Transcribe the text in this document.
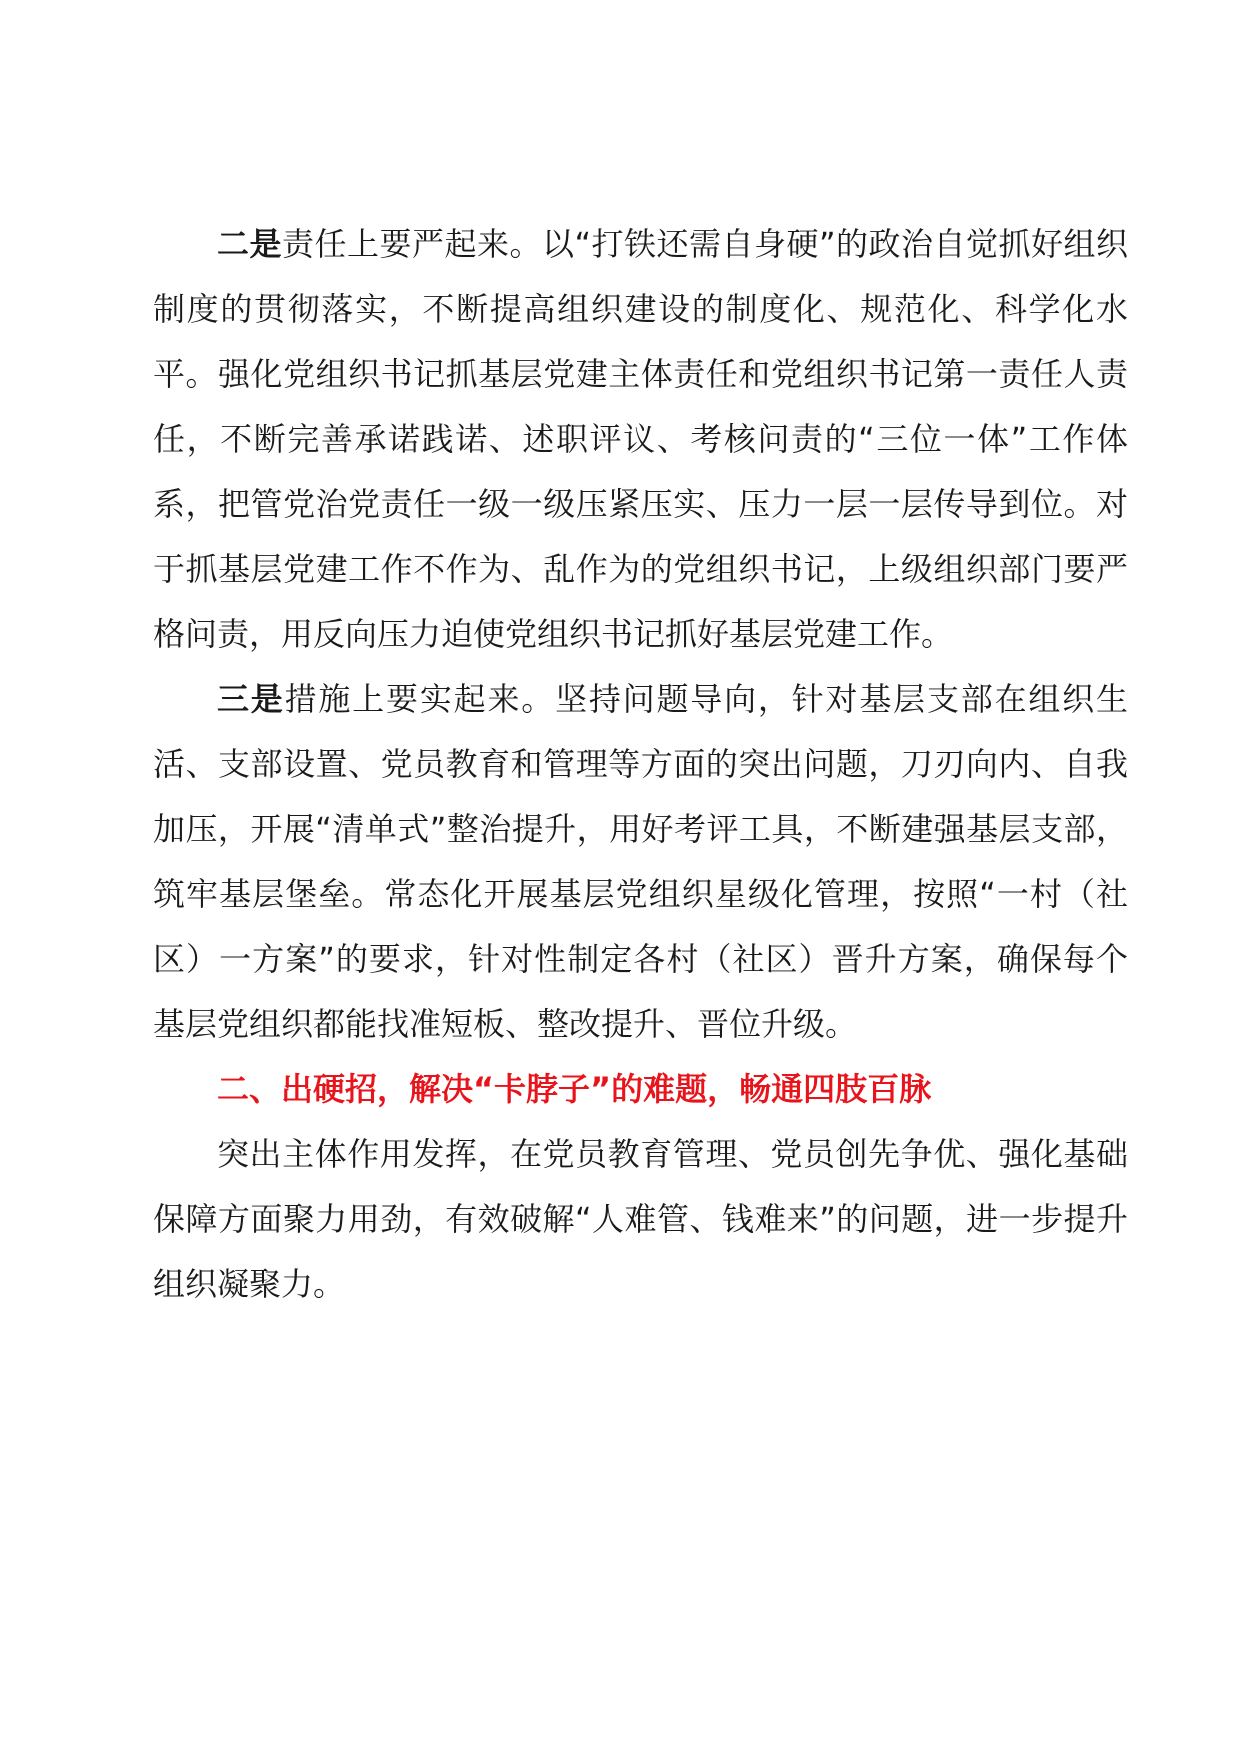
二是责任上要严起来。以“打铁还需自身硬”的政治自觉抓好组织制度的贯彻落实，不断提高组织建设的制度化、规范化、科学化水平。强化党组织书记抓基层党建主体责任和党组织书记第一责任人责任，不断完善承诺践诺、述职评议、考核问责的“三位一体”工作体系，把管党治党责任一级一级压紧压实、压力一层一层传导到位。对于抓基层党建工作不作为、乱作为的党组织书记，上级组织部门要严格问责，用反向压力迫使党组织书记抓好基层党建工作。

三是措施上要实起来。坚持问题导向，针对基层支部在组织生活、支部设置、党员教育和管理等方面的突出问题，刀刃向内、自我加压，开展“清单式”整治提升，用好考评工具，不断建强基层支部，筑牢基层堡垒。常态化开展基层党组织星级化管理，按照“一村（社区）一方案”的要求，针对性制定各村（社区）晋升方案，确保每个基层党组织都能找准短板、整改提升、晋位升级。

二、出硬招，解决“卡脖子”的难题，畅通四肢百脉

突出主体作用发挥，在党员教育管理、党员创先争优、强化基础保障方面聚力用劲，有效破解“人难管、钱难来”的问题，进一步提升组织凝聚力。
